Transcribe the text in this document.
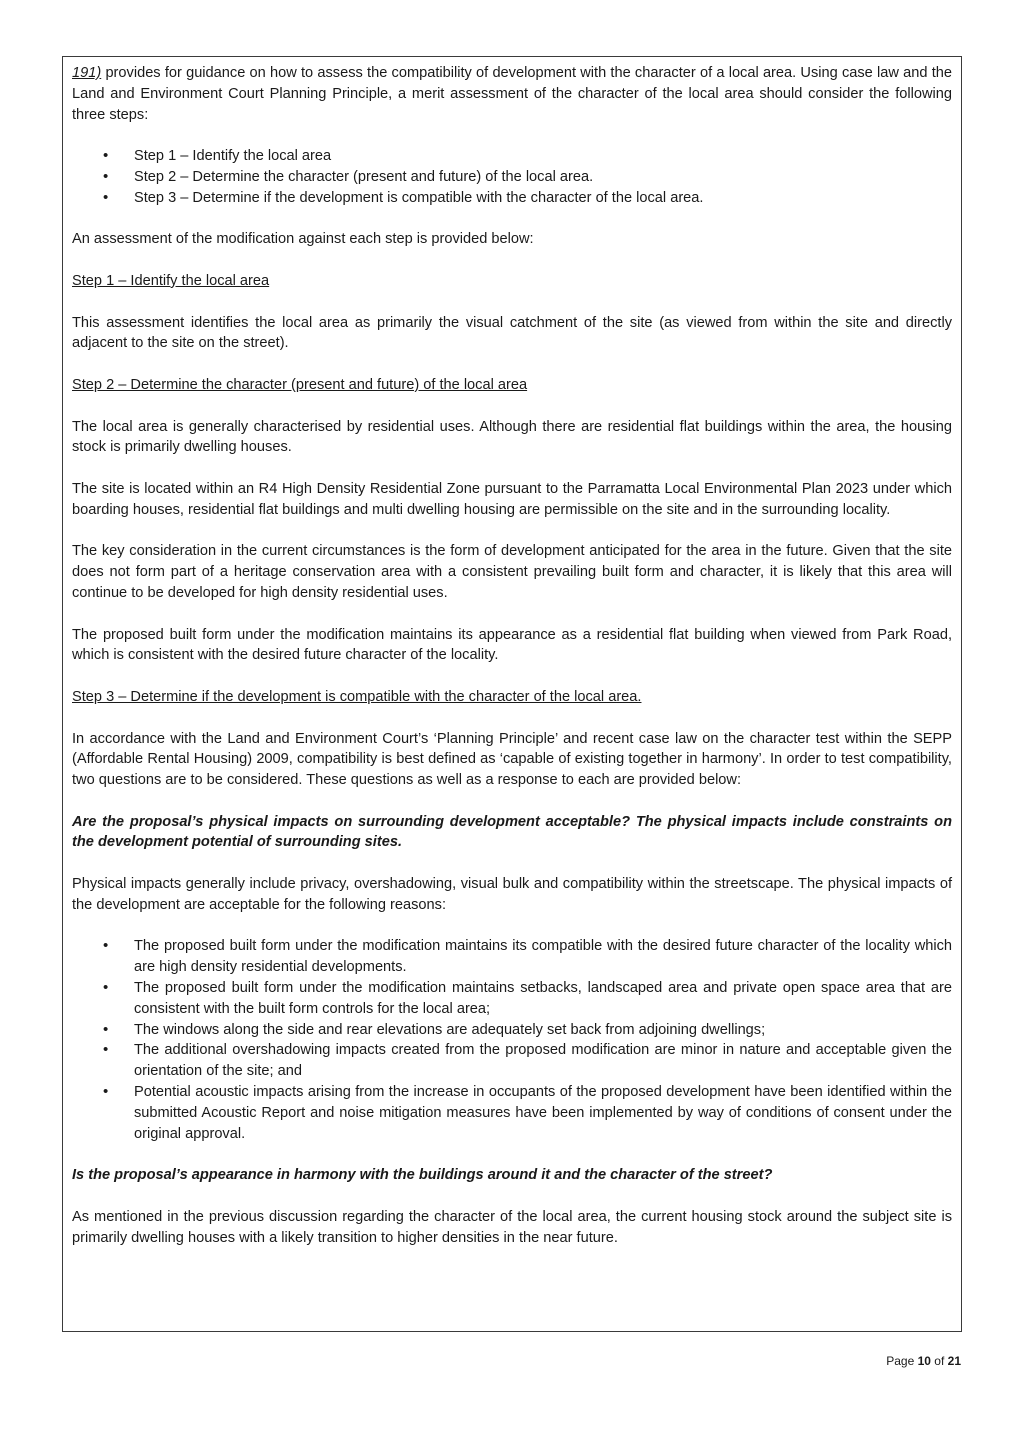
191) provides for guidance on how to assess the compatibility of development with the character of a local area. Using case law and the Land and Environment Court Planning Principle, a merit assessment of the character of the local area should consider the following three steps:

• Step 1 – Identify the local area
• Step 2 – Determine the character (present and future) of the local area.
• Step 3 – Determine if the development is compatible with the character of the local area.

An assessment of the modification against each step is provided below:

Step 1 – Identify the local area

This assessment identifies the local area as primarily the visual catchment of the site (as viewed from within the site and directly adjacent to the site on the street).

Step 2 – Determine the character (present and future) of the local area

The local area is generally characterised by residential uses. Although there are residential flat buildings within the area, the housing stock is primarily dwelling houses.

The site is located within an R4 High Density Residential Zone pursuant to the Parramatta Local Environmental Plan 2023 under which boarding houses, residential flat buildings and multi dwelling housing are permissible on the site and in the surrounding locality.

The key consideration in the current circumstances is the form of development anticipated for the area in the future. Given that the site does not form part of a heritage conservation area with a consistent prevailing built form and character, it is likely that this area will continue to be developed for high density residential uses.

The proposed built form under the modification maintains its appearance as a residential flat building when viewed from Park Road, which is consistent with the desired future character of the locality.

Step 3 – Determine if the development is compatible with the character of the local area.

In accordance with the Land and Environment Court’s ‘Planning Principle’ and recent case law on the character test within the SEPP (Affordable Rental Housing) 2009, compatibility is best defined as ‘capable of existing together in harmony’. In order to test compatibility, two questions are to be considered. These questions as well as a response to each are provided below:

Are the proposal’s physical impacts on surrounding development acceptable? The physical impacts include constraints on the development potential of surrounding sites.

Physical impacts generally include privacy, overshadowing, visual bulk and compatibility within the streetscape. The physical impacts of the development are acceptable for the following reasons:

• The proposed built form under the modification maintains its compatible with the desired future character of the locality which are high density residential developments.
• The proposed built form under the modification maintains setbacks, landscaped area and private open space area that are consistent with the built form controls for the local area;
• The windows along the side and rear elevations are adequately set back from adjoining dwellings;
• The additional overshadowing impacts created from the proposed modification are minor in nature and acceptable given the orientation of the site; and
• Potential acoustic impacts arising from the increase in occupants of the proposed development have been identified within the submitted Acoustic Report and noise mitigation measures have been implemented by way of conditions of consent under the original approval.

Is the proposal’s appearance in harmony with the buildings around it and the character of the street?

As mentioned in the previous discussion regarding the character of the local area, the current housing stock around the subject site is primarily dwelling houses with a likely transition to higher densities in the near future.

Page 10 of 21
